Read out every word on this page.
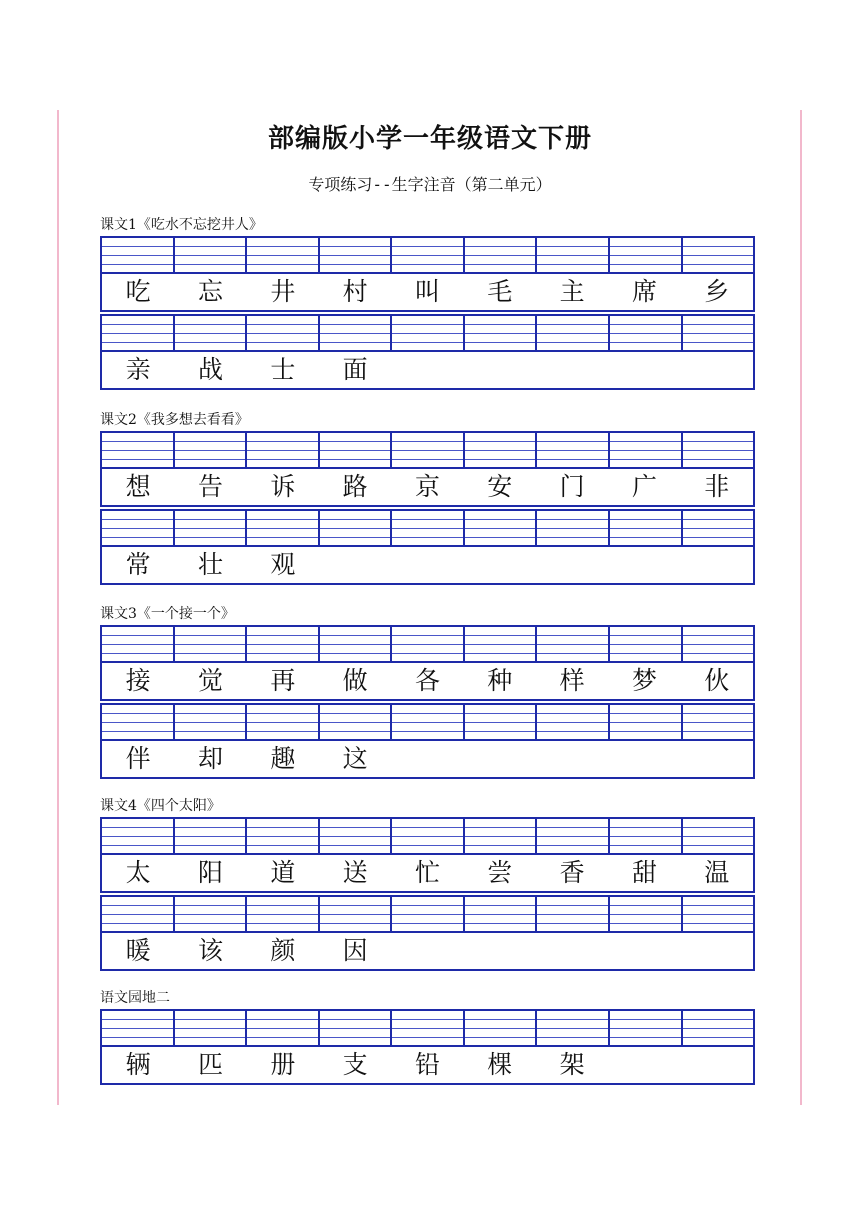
部编版小学一年级语文下册
专项练习--生字注音（第二单元）
课文1《吃水不忘挖井人》
吃	忘	井	村	叫	毛	主	席	乡
亲	战	士	面
课文2《我多想去看看》
想	告	诉	路	京	安	门	广	非
常	壮	观
课文3《一个接一个》
接	觉	再	做	各	种	样	梦	伙
伴	却	趣	这
课文4《四个太阳》
太	阳	道	送	忙	尝	香	甜	温
暖	该	颜	因
语文园地二
辆	匹	册	支	铅	棵	架
